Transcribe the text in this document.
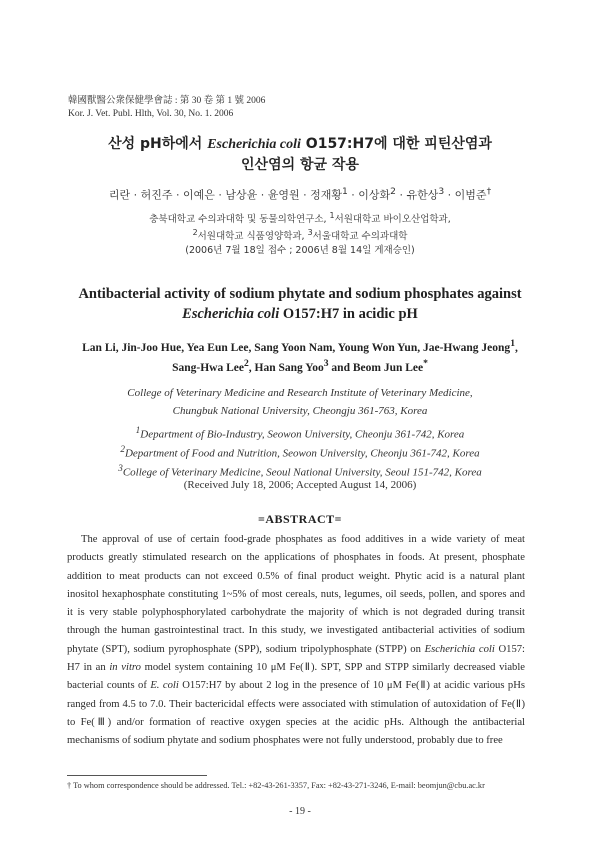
韓國獸醫公衆保健學會誌 : 第 30 卷 第 1 號 2006
Kor. J. Vet. Publ. Hlth, Vol. 30, No. 1. 2006
산성 pH하에서 Escherichia coli O157:H7에 대한 피틴산염과
인산염의 항균 작용
리란 · 허진주 · 이예은 · 남상윤 · 윤영원 · 정재황$^1$ · 이상화$^2$ · 유한상$^3$ · 이범준†
충북대학교 수의과대학 및 동물의학연구소, $^1$서원대학교 바이오산업학과,
$^2$서원대학교 식품영양학과, $^3$서울대학교 수의과대학
(2006년 7월 18일 접수 ; 2006년 8월 14일 게재승인)
Antibacterial activity of sodium phytate and sodium phosphates against
Escherichia coli O157:H7 in acidic pH
Lan Li, Jin-Joo Hue, Yea Eun Lee, Sang Yoon Nam, Young Won Yun, Jae-Hwang Jeong$^1$,
Sang-Hwa Lee$^2$, Han Sang Yoo$^3$ and Beom Jun Lee*
College of Veterinary Medicine and Research Institute of Veterinary Medicine,
Chungbuk National University, Cheongju 361-763, Korea
$^1$Department of Bio-Industry, Seowon University, Cheonju 361-742, Korea
$^2$Department of Food and Nutrition, Seowon University, Cheonju 361-742, Korea
$^3$College of Veterinary Medicine, Seoul National University, Seoul 151-742, Korea
(Received July 18, 2006; Accepted August 14, 2006)
=ABSTRACT=

The approval of use of certain food-grade phosphates as food additives in a wide variety of meat products greatly stimulated research on the applications of phosphates in foods. At present, phosphate addition to meat products can not exceed 0.5% of final product weight. Phytic acid is a natural plant inositol hexaphosphate constituting 1~5% of most cereals, nuts, legumes, oil seeds, pollen, and spores and it is very stable polyphosphorylated carbohydrate the majority of which is not degraded during transit through the human gastrointestinal tract. In this study, we investigated antibacterial activities of sodium phytate (SPT), sodium pyrophosphate (SPP), sodium tripolyphosphate (STPP) on Escherichia coli O157: H7 in an in vitro model system containing 10 μM Fe(Ⅱ). SPT, SPP and STPP similarly decreased viable bacterial counts of E. coli O157:H7 by about 2 log in the presence of 10 μM Fe(Ⅱ) at acidic various pHs ranged from 4.5 to 7.0. Their bactericidal effects were associated with stimulation of autoxidation of Fe(Ⅱ) to Fe(Ⅲ) and/or formation of reactive oxygen species at the acidic pHs. Although the antibacterial mechanisms of sodium phytate and sodium phosphates were not fully understood, probably due to free

† To whom correspondence should be addressed. Tel.: +82-43-261-3357, Fax: +82-43-271-3246, E-mail: beomjun@cbu.ac.kr
- 19 -
